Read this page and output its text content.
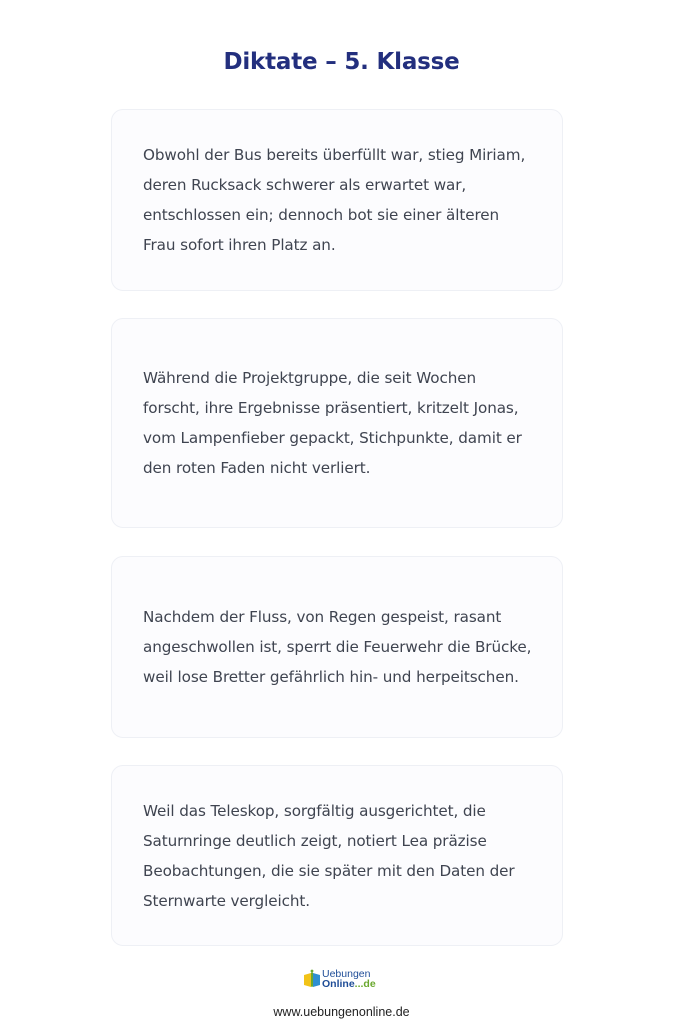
Diktate – 5. Klasse

Obwohl der Bus bereits überfüllt war, stieg Miriam, deren Rucksack schwerer als erwartet war, entschlossen ein; dennoch bot sie einer älteren Frau sofort ihren Platz an.

Während die Projektgruppe, die seit Wochen forscht, ihre Ergebnisse präsentiert, kritzelt Jonas, vom Lampenfieber gepackt, Stichpunkte, damit er den roten Faden nicht verliert.

Nachdem der Fluss, von Regen gespeist, rasant angeschwollen ist, sperrt die Feuerwehr die Brücke, weil lose Bretter gefährlich hin- und herpeitschen.

Weil das Teleskop, sorgfältig ausgerichtet, die Saturnringe deutlich zeigt, notiert Lea präzise Beobachtungen, die sie später mit den Daten der Sternwarte vergleicht.

Uebungen
Online...de
www.uebungenonline.de
